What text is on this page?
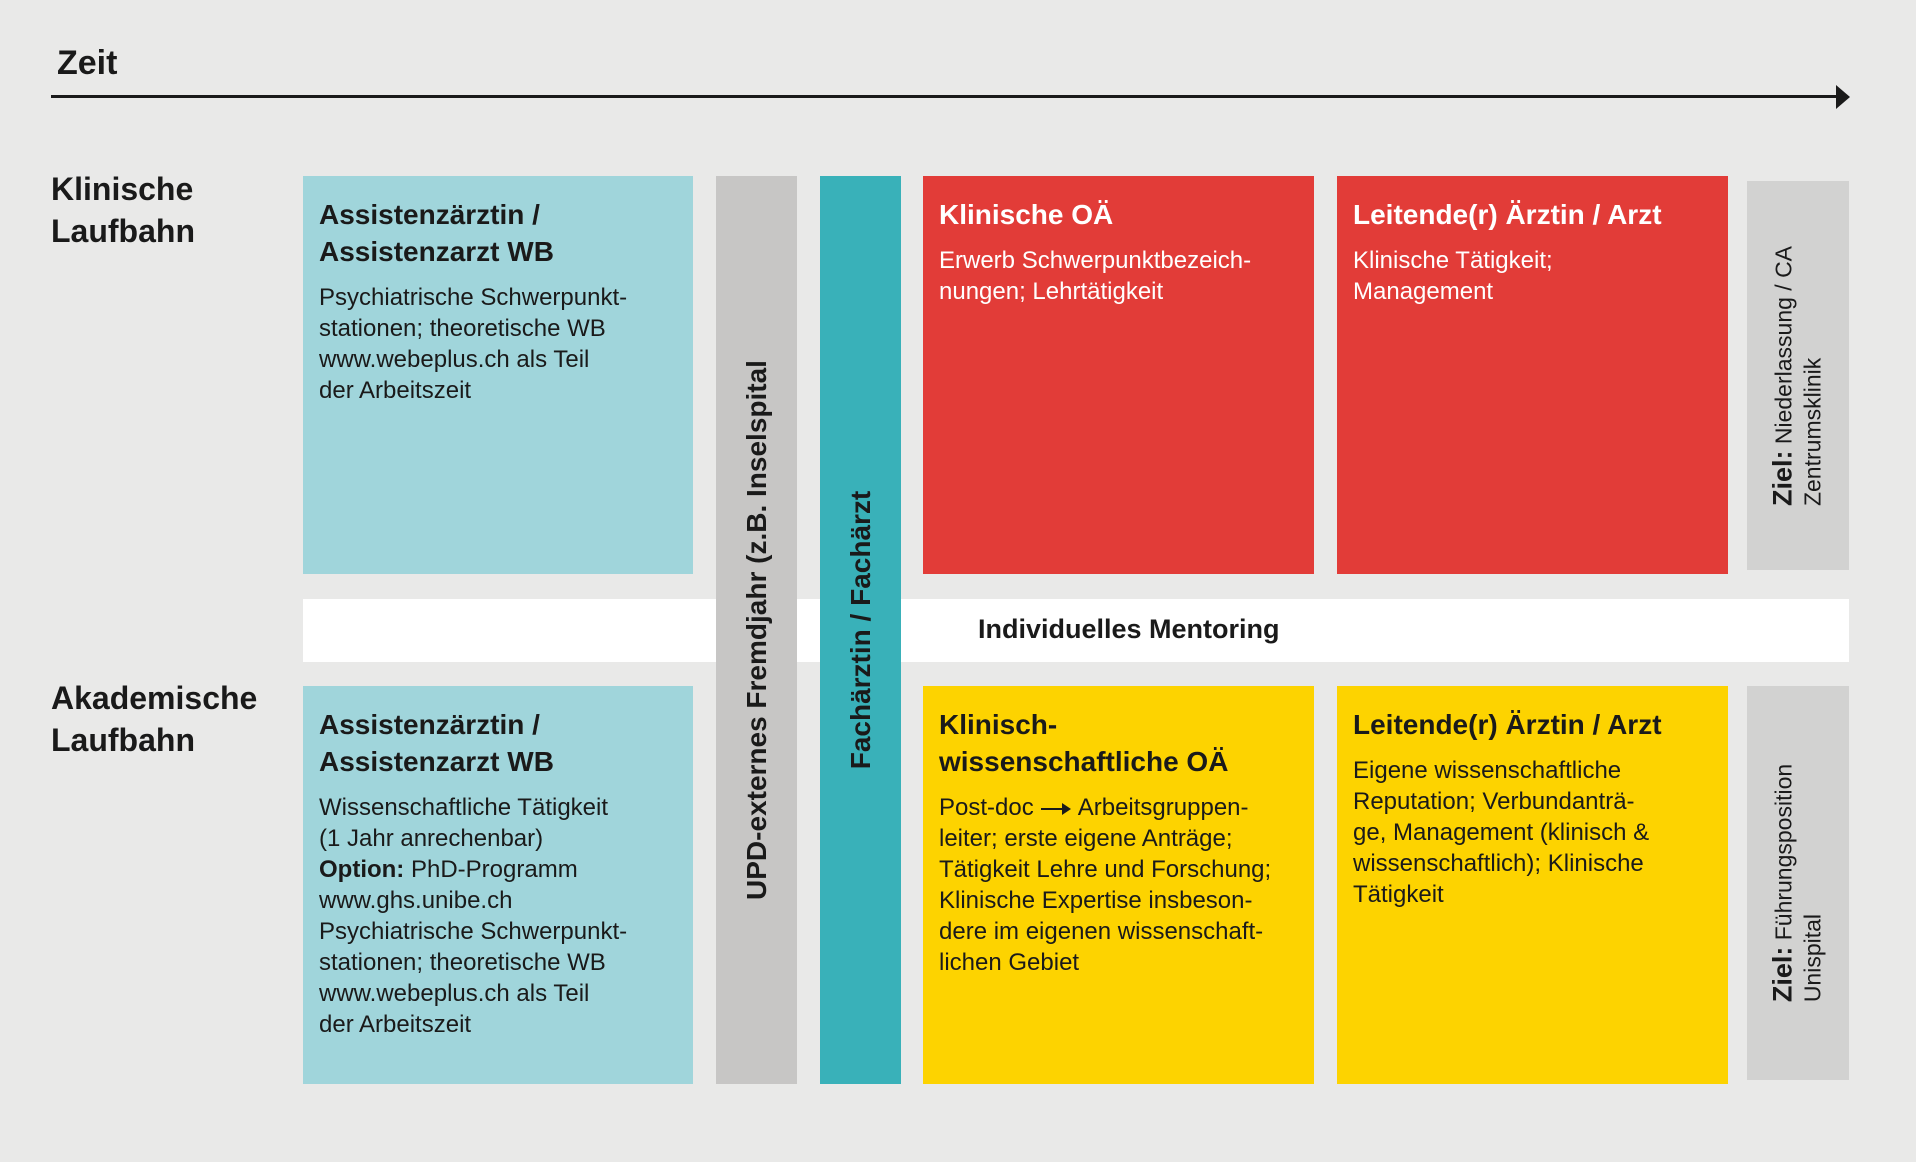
Zeit
Klinische
Laufbahn
Akademische
Laufbahn	UPD-externes Fremdjahr (z.B. Inselspital	Fachärztin / Fachärzt	Individuelles Mentoring
Assistenzärztin /
Assistenzarzt WB
Psychiatrische Schwerpunkt-
stationen; theoretische WB
www.webeplus.ch als Teil
der Arbeitszeit
Klinische OÄ
Erwerb Schwerpunktbezeich-
nungen; Lehrtätigkeit
Leitende(r) Ärztin / Arzt
Klinische Tätigkeit;
Management
Ziel: Niederlassung / CA Zentrumsklinik
Assistenzärztin /
Assistenzarzt WB
Wissenschaftliche Tätigkeit
(1 Jahr anrechenbar)
Option: PhD-Programm
www.ghs.unibe.ch
Psychiatrische Schwerpunkt-
stationen; theoretische WB
www.webeplus.ch als Teil
der Arbeitszeit
Klinisch-
wissenschaftliche OÄ
Post-doc Arbeitsgruppen-
leiter; erste eigene Anträge;
Tätigkeit Lehre und Forschung;
Klinische Expertise insbeson-
dere im eigenen wissenschaft-
lichen Gebiet
Leitende(r) Ärztin / Arzt
Eigene wissenschaftliche
Reputation; Verbundanträ-
ge, Management (klinisch &
wissenschaftlich); Klinische
Tätigkeit
Ziel: Führungsposition
Unispital
